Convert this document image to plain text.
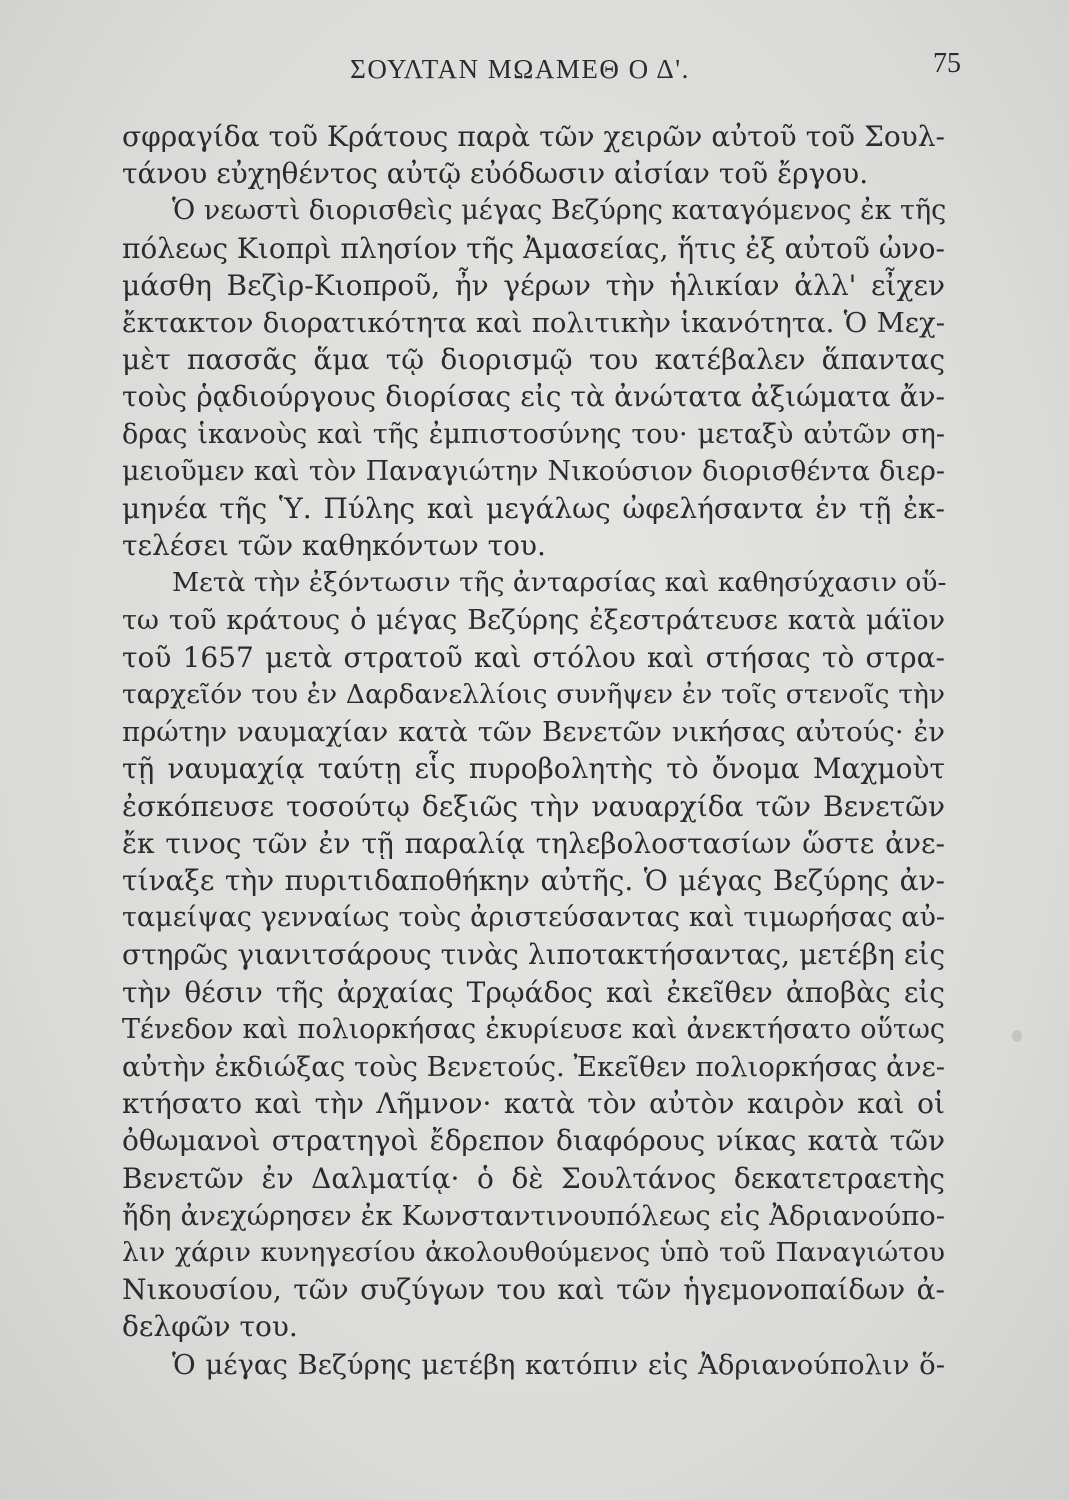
ΣΟΥΛΤΑΝ ΜΩΑΜΕΘ Ο Δ'.	75
σφραγίδα τοῦ Κράτους παρὰ τῶν χειρῶν αὐτοῦ τοῦ Σουλ-
τάνου εὐχηθέντος αὐτῷ εὐόδωσιν αἰσίαν τοῦ ἔργου.
Ὁ νεωστὶ διορισθεὶς μέγας Βεζύρης καταγόμενος ἐκ τῆς
πόλεως Κιοπρὶ πλησίον τῆς Ἀμασείας, ἥτις ἐξ αὐτοῦ ὠνο-
μάσθη Βεζὶρ-Κιοπροῦ, ἦν γέρων τὴν ἡλικίαν ἀλλ' εἶχεν
ἔκτακτον διορατικότητα καὶ πολιτικὴν ἱκανότητα. Ὁ Μεχ-
μὲτ πασσᾶς ἅμα τῷ διορισμῷ του κατέβαλεν ἅπαντας
τοὺς ῥᾳδιούργους διορίσας εἰς τὰ ἀνώτατα ἀξιώματα ἄν-
δρας ἱκανοὺς καὶ τῆς ἐμπιστοσύνης του· μεταξὺ αὐτῶν ση-
μειοῦμεν καὶ τὸν Παναγιώτην Νικούσιον διορισθέντα διερ-
μηνέα τῆς Ὑ. Πύλης καὶ μεγάλως ὠφελήσαντα ἐν τῇ ἐκ-
τελέσει τῶν καθηκόντων του.
Μετὰ τὴν ἐξόντωσιν τῆς ἀνταρσίας καὶ καθησύχασιν οὕ-
τω τοῦ κράτους ὁ μέγας Βεζύρης ἐξεστράτευσε κατὰ μάϊον
τοῦ 1657 μετὰ στρατοῦ καὶ στόλου καὶ στήσας τὸ στρα-
ταρχεῖόν του ἐν Δαρδανελλίοις συνῆψεν ἐν τοῖς στενοῖς τὴν
πρώτην ναυμαχίαν κατὰ τῶν Βενετῶν νικήσας αὐτούς· ἐν
τῇ ναυμαχίᾳ ταύτῃ εἷς πυροβολητὴς τὸ ὄνομα Μαχμοὺτ
ἐσκόπευσε τοσούτῳ δεξιῶς τὴν ναυαρχίδα τῶν Βενετῶν
ἔκ τινος τῶν ἐν τῇ παραλίᾳ τηλεβολοστασίων ὥστε ἀνε-
τίναξε τὴν πυριτιδαποθήκην αὐτῆς. Ὁ μέγας Βεζύρης ἀν-
ταμείψας γενναίως τοὺς ἀριστεύσαντας καὶ τιμωρήσας αὐ-
στηρῶς γιανιτσάρους τινὰς λιποτακτήσαντας, μετέβη εἰς
τὴν θέσιν τῆς ἀρχαίας Τρῳάδος καὶ ἐκεῖθεν ἀποβὰς εἰς
Τένεδον καὶ πολιορκήσας ἐκυρίευσε καὶ ἀνεκτήσατο οὕτως
αὐτὴν ἐκδιώξας τοὺς Βενετούς. Ἐκεῖθεν πολιορκήσας ἀνε-
κτήσατο καὶ τὴν Λῆμνον· κατὰ τὸν αὐτὸν καιρὸν καὶ οἱ
ὀθωμανοὶ στρατηγοὶ ἔδρεπον διαφόρους νίκας κατὰ τῶν
Βενετῶν ἐν Δαλματίᾳ· ὁ δὲ Σουλτάνος δεκατετραετὴς
ἤδη ἀνεχώρησεν ἐκ Κωνσταντινουπόλεως εἰς Ἀδριανούπο-
λιν χάριν κυνηγεσίου ἀκολουθούμενος ὑπὸ τοῦ Παναγιώτου
Νικουσίου, τῶν συζύγων του καὶ τῶν ἡγεμονοπαίδων ἀ-
δελφῶν του.
Ὁ μέγας Βεζύρης μετέβη κατόπιν εἰς Ἀδριανούπολιν ὅ-
